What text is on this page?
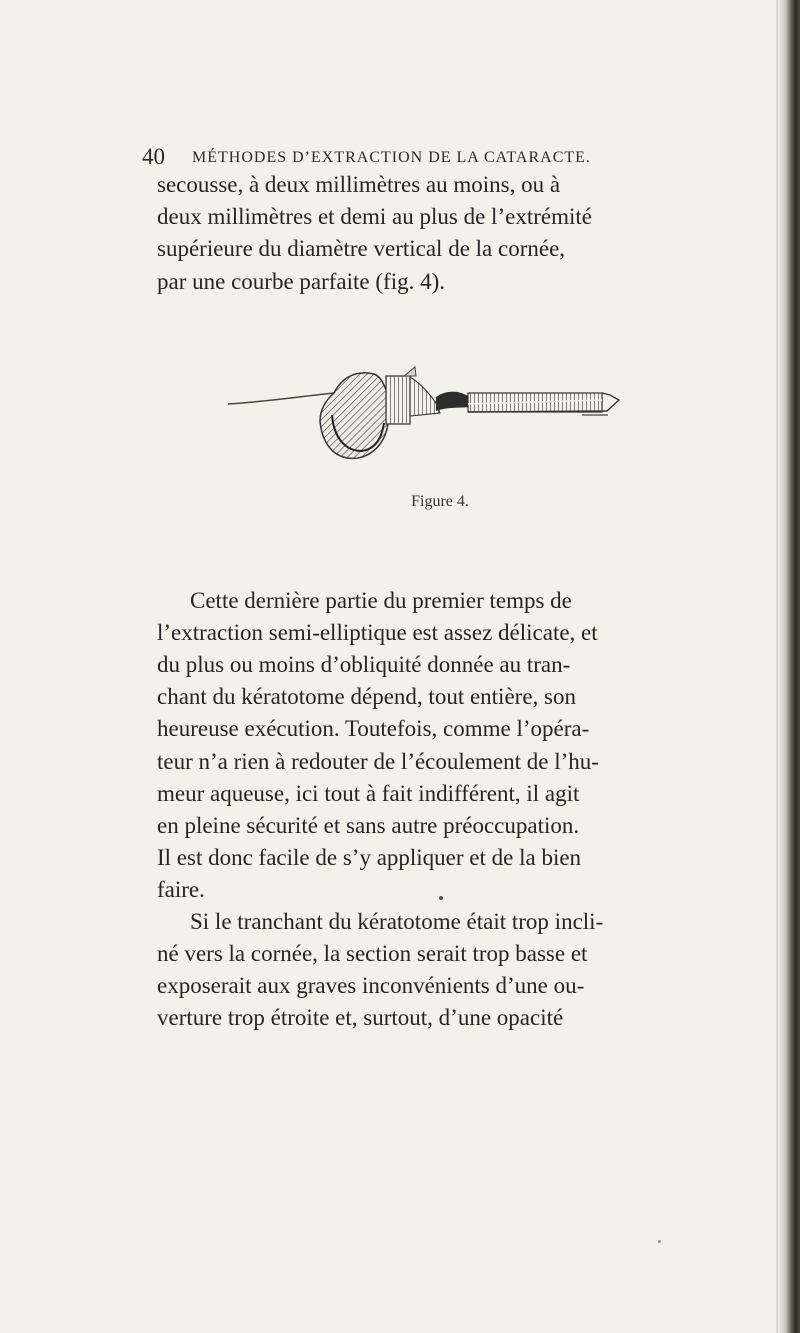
40 MÉTHODES D’EXTRACTION DE LA CATARACTE.
secousse, à deux millimètres au moins, ou à
deux millimètres et demi au plus de l’extrémité
supérieure du diamètre vertical de la cornée,
par une courbe parfaite (fig. 4).
Figure 4.
Cette dernière partie du premier temps de
l’extraction semi-elliptique est assez délicate, et
du plus ou moins d’obliquité donnée au tran-
chant du kératotome dépend, tout entière, son
heureuse exécution. Toutefois, comme l’opéra-
teur n’a rien à redouter de l’écoulement de l’hu-
meur aqueuse, ici tout à fait indifférent, il agit
en pleine sécurité et sans autre préoccupation.
Il est donc facile de s’y appliquer et de la bien
faire.
Si le tranchant du kératotome était trop incli-
né vers la cornée, la section serait trop basse et
exposerait aux graves inconvénients d’une ou-
verture trop étroite et, surtout, d’une opacité
